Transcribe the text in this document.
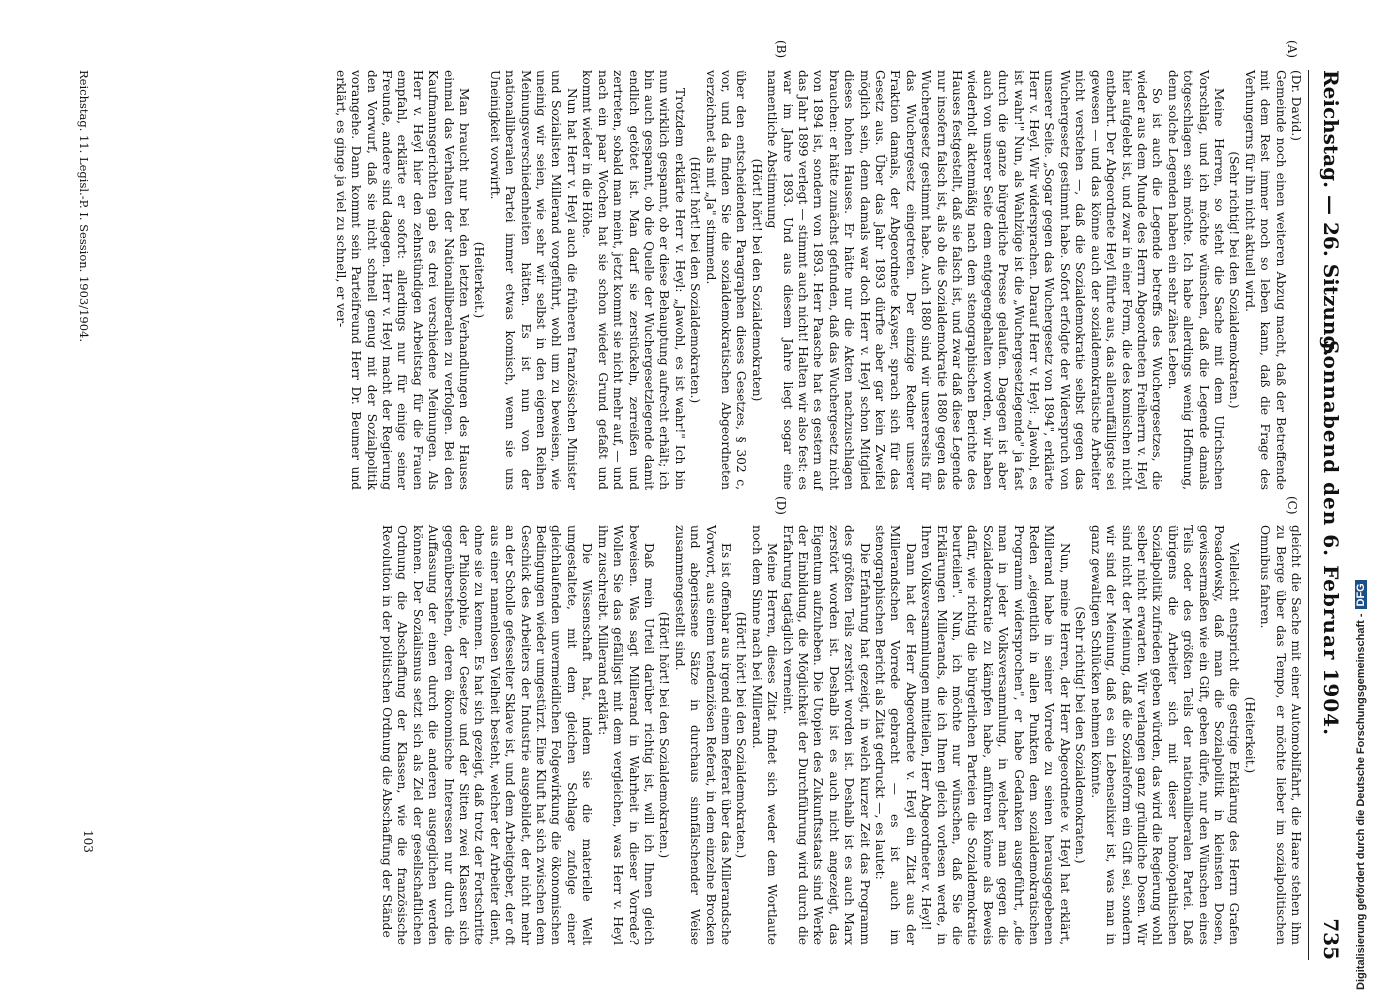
Reichstag. — 26. Sitzung.
Sonnabend den 6. Februar 1904.
735
(A)
(B)
(C)
(D)

(Dr. David.)

Gemeinde noch einen weiteren Abzug macht, daß der Betreffende mit dem Rest immer noch so leben kann, daß die Frage des Verhungerns für ihn nicht aktuell wird.

(Sehr richtig! bei den Sozialdemokraten.)

Meine Herren, so steht die Sache mit dem Ulrichschen Vorschlag, und ich möchte wünschen, daß die Legende damals totgeschlagen sein möchte. Ich habe allerdings wenig Hoffnung, denn solche Legenden haben ein sehr zähes Leben.

So ist auch die Legende betreffs des Wuchergesetzes, die wieder aus dem Munde des Herrn Abgeordneten Freiherrn v. Heyl hier aufgelebt ist, und zwar in einer Form, die des komischen nicht entbehrt. Der Abgeordnete Heyl führte aus, das allerauffälligste sei gewesen — und das könne auch der sozialdemokratische Arbeiter nicht verstehen —, daß die Sozialdemokratie selbst gegen das Wuchergesetz gestimmt habe. Sofort erfolgte der Widerspruch von unserer Seite. „Sogar gegen das Wuchergesetz von 1894", erklärte Herr v. Heyl. Wir widersprachen. Darauf Herr v. Heyl: „Jawohl, es ist wahr!" Nun, als Wahlzüge ist die „Wuchergesetzlegende" ja fast durch die ganze bürgerliche Presse gelaufen. Dagegen ist aber auch von unserer Seite dem entgegengehalten worden, wir haben wiederholt aktenmäßig nach dem stenographischen Berichte des Hauses festgestellt, daß sie falsch ist, und zwar daß diese Legende nur insofern falsch ist, als ob die Sozialdemokratie 1880 gegen das Wuchergesetz gestimmt habe. Auch 1880 sind wir unsererseits für das Wuchergesetz eingetreten. Der einzige Redner unserer Fraktion damals, der Abgeordnete Kayser, sprach sich für das Gesetz aus. Über das Jahr 1893 dürfte aber gar kein Zweifel möglich sein, denn damals war doch Herr v. Heyl schon Mitglied dieses hohen Hauses. Er hätte nur die Akten nachzuschlagen brauchen: er hätte zunächst gefunden, daß das Wuchergesetz nicht von 1894 ist, sondern von 1893. Herr Paasche hat es gestern auf das Jahr 1899 verlegt — stimmt auch nicht! Halten wir also fest: es war im Jahre 1893. Und aus diesem Jahre liegt sogar eine namentliche Abstimmung

(Hört! hört! bei den Sozialdemokraten)

über den entscheidenden Paragraphen dieses Gesetzes, § 302 c, vor, und da finden Sie die sozialdemokratischen Abgeordneten verzeichnet als mit „Ja" stimmend.

(Hört! hört! bei den Sozialdemokraten.)

Trotzdem erklärte Herr v. Heyl: „Jawohl, es ist wahr!" Ich bin nun wirklich gespannt, ob er diese Behauptung aufrecht erhält; ich bin auch gespannt, ob die Quelle der Wuchergesetzlegende damit endlich getötet ist. Man darf sie zerstückeln, zerreißen und zertreten, sobald man meint, jetzt kommt sie nicht mehr auf, — und nach ein paar Wochen hat sie schon wieder Grund gefaßt und kommt wieder in die Höhe.

Nun hat Herr v. Heyl auch die früheren französischen Minister und Sozialisten Millerand vorgeführt, wohl um zu beweisen, wie uneinig wir seien, wie sehr wir selbst in den eigenen Reihen Meinungsverschiedenheiten hätten. Es ist nun von der nationalliberalen Partei immer etwas komisch, wenn sie uns Uneinigkeit vorwirft.

(Heiterkeit.)

Man braucht nur bei den letzten Verhandlungen des Hauses einmal das Verhalten der Nationalliberalen zu verfolgen. Bei den Kaufmannsgerichten gab es drei verschiedene Meinungen. Als Herr v. Heyl hier den zehnstündigen Arbeitstag für die Frauen empfahl, erklärte er sofort: allerdings nur für einige seiner Freunde, andere sind dagegen. Herr v. Heyl macht der Regierung den Vorwurf, daß sie nicht schnell genug mit der Sozialpolitik vorangehe. Dann kommt sein Parteifreund Herr Dr. Beumer und erklärt, es ginge ja viel zu schnell, er ver-

gleicht die Sache mit einer Automobilfahrt, die Haare stehen ihm zu Berge über das Tempo, er möchte lieber im sozialpolitischen Omnibus fahren.

(Heiterkeit.)

Vielleicht entspricht die gestrige Erklärung des Herrn Grafen Posadowsky, daß man die Sozialpolitik in kleinsten Dosen, gewissermaßen wie ein Gift, geben dürfe, nur den Wünschen eines Teils oder des größten Teils der nationalliberalen Partei. Daß übrigens die Arbeiter sich mit dieser homöopathischen Sozialpolitik zufrieden geben würden, das wird die Regierung wohl selber nicht erwarten. Wir verlangen ganz gründliche Dosen. Wir sind nicht der Meinung, daß die Sozialreform ein Gift sei, sondern wir sind der Meinung, daß es ein Lebenselixier ist, was man in ganz gewaltigen Schlücken nehmen könnte.

(Sehr richtig! bei den Sozialdemokraten.)

Nun, meine Herren, der Herr Abgeordnete v. Heyl hat erklärt, Millerand habe in seiner Vorrede zu seinen herausgegebenen Reden „eigentlich in allen Punkten dem sozialdemokratischen Programm widersprochen", er habe Gedanken ausgeführt, „die man in jeder Volksversammlung, in welcher man gegen die Sozialdemokratie zu kämpfen habe, anführen könne als Beweis dafür, wie richtig die bürgerlichen Parteien die Sozialdemokratie beurteilen". Nun, ich möchte nur wünschen, daß Sie die Erklärungen Millerands, die ich Ihnen gleich vorlesen werde, in Ihren Volksversammlungen mitteilen, Herr Abgeordneter v. Heyl!

Dann hat der Herr Abgeordnete v. Heyl ein Zitat aus der Millerandschen Vorrede gebracht — es ist auch im stenographischen Bericht als Zitat gedruckt —, es lautet:

Die Erfahrung hat gezeigt, in welch kurzer Zeit das Programm des größten Teils zerstört worden ist. Deshalb ist es auch Marx zerstört worden ist. Deshalb ist es auch nicht angezeigt, das Eigentum aufzuheben. Die Utopien des Zukunftsstaats sind Werke der Einbildung, die Möglichkeit der Durchführung wird durch die Erfahrung tagtäglich verneint.

Meine Herren, dieses Zitat findet sich weder dem Wortlaute noch dem Sinne nach bei Millerand.

(Hört! hört! bei den Sozialdemokraten.)

Es ist offenbar aus irgend einem Referat über das Millerandsche Vorwort, aus einem tendenziösen Referat, in dem einzelne Brocken und abgerissene Sätze in durchaus sinnfälschender Weise zusammengestellt sind.

(Hört! hört! bei den Sozialdemokraten.)

Daß mein Urteil darüber richtig ist, will ich Ihnen gleich beweisen. Was sagt Millerand in Wahrheit in dieser Vorrede? Wollen Sie das gefälligst mit dem vergleichen, was Herr v. Heyl ihm zuschreibt. Millerand erklärt:

Die Wissenschaft hat, indem sie die materielle Welt umgestaltete, mit dem gleichen Schlage zufolge einer gleichlaufenden unvermeidlichen Folgewirkung die ökonomischen Bedingungen wieder umgestürzt. Eine Kluft hat sich zwischen dem Geschick des Arbeiters der Industrie ausgebildet, der nicht mehr an der Scholle gefesselter Sklave ist, und dem Arbeitgeber, der oft aus einer namenlosen Vielheit besteht, welcher der Arbeiter dient, ohne sie zu kennen. Es hat sich gezeigt, daß trotz der Fortschritte der Philosophie, der Gesetze und der Sitten zwei Klassen sich gegenüberstehen, deren ökonomische Interessen nur durch die Auffassung der einen durch die anderen ausgeglichen werden können. Der Sozialismus setzt sich als Ziel der gesellschaftlichen Ordnung die Abschaffung der Klassen, wie die französische Revolution in der politischen Ordnung die Abschaffung der Stände

Reichstag. 11. Legisl.-P. I. Session. 1903/1904.
103	Digitalisierung gefördert durch die Deutsche Forschungsgemeinschaft -DFG
